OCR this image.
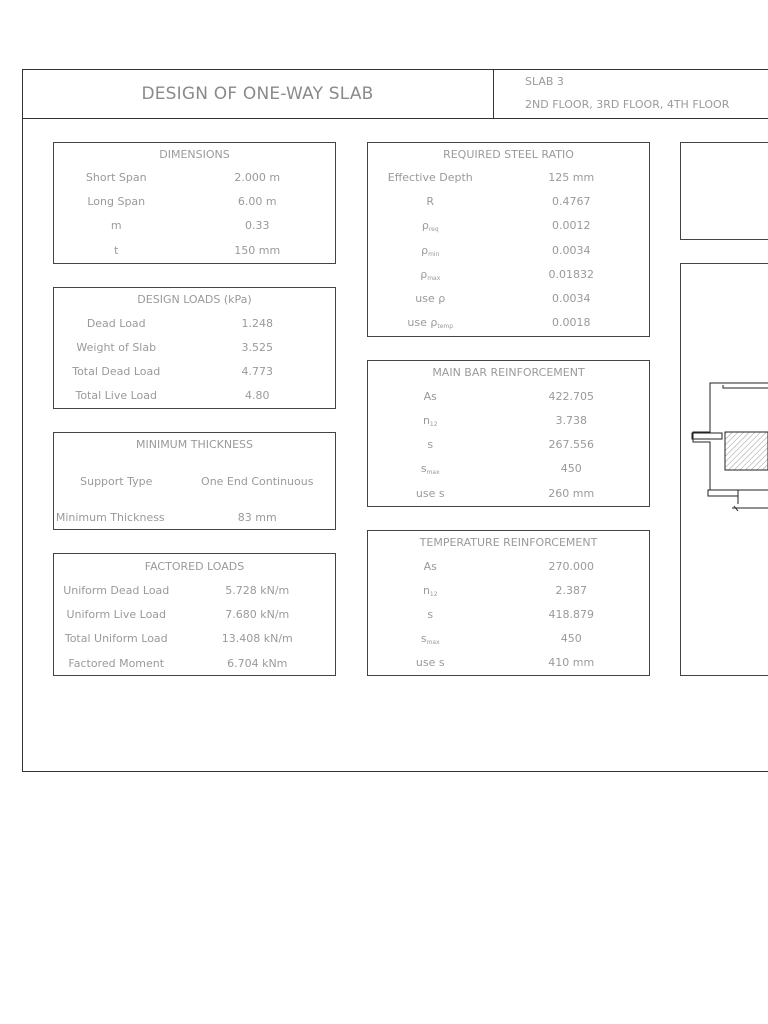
DESIGN OF ONE-WAY SLAB
SLAB 3
2ND FLOOR, 3RD FLOOR, 4TH FLOOR
DIMENSIONS
Short Span	2.000 m
Long Span	6.00 m
m	0.33
t	150 mm
DESIGN LOADS (kPa)
Dead Load	1.248
Weight of Slab	3.525
Total Dead Load	4.773
Total Live Load	4.80
MINIMUM THICKNESS
Support Type	One End Continuous
Minimum Thickness	83 mm
FACTORED LOADS
Uniform Dead Load	5.728 kN/m
Uniform Live Load	7.680 kN/m
Total Uniform Load	13.408 kN/m
Factored Moment	6.704 kNm
REQUIRED STEEL RATIO
Effective Depth	125 mm
R	0.4767
$\rho_{req}$	0.0012
$\rho_{min}$	0.0034
$\rho_{max}$	0.01832
use ρ	0.0034
use $\rho_{temp}$	0.0018
MAIN BAR REINFORCEMENT
As	422.705
$n_{12}$	3.738
s	267.556
$s_{max}$	450
use s	260 mm
TEMPERATURE REINFORCEMENT
As	270.000
$n_{12}$	2.387
s	418.879
$s_{max}$	450
use s	410 mm
